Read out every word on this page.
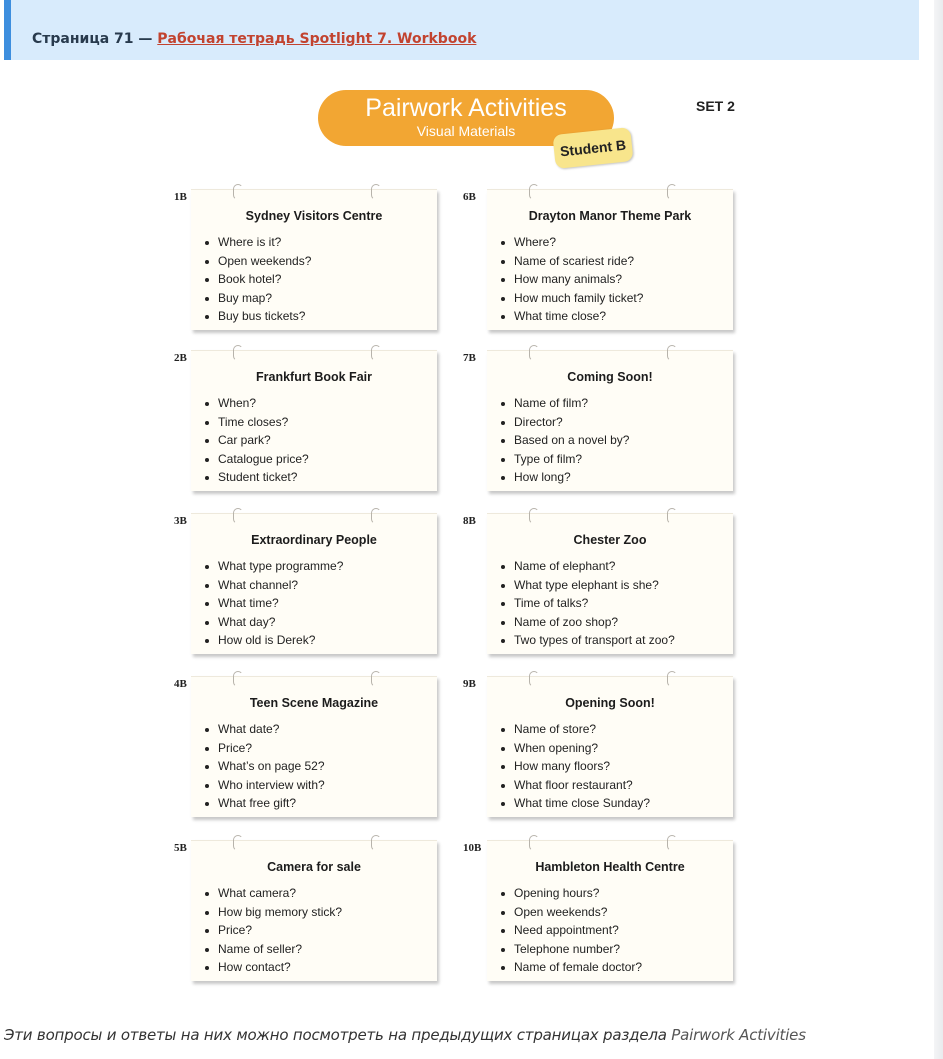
Страница 71 — Рабочая тетрадь Spotlight 7. Workbook
Pairwork Activities
Visual Materials
Student B
SET 2
1B
Sydney Visitors Centre
Where is it?
Open weekends?
Book hotel?
Buy map?
Buy bus tickets?
6B
Drayton Manor Theme Park
Where?
Name of scariest ride?
How many animals?
How much family ticket?
What time close?
2B
Frankfurt Book Fair
When?
Time closes?
Car park?
Catalogue price?
Student ticket?
7B
Coming Soon!
Name of film?
Director?
Based on a novel by?
Type of film?
How long?
3B
Extraordinary People
What type programme?
What channel?
What time?
What day?
How old is Derek?
8B
Chester Zoo
Name of elephant?
What type elephant is she?
Time of talks?
Name of zoo shop?
Two types of transport at zoo?
4B
Teen Scene Magazine
What date?
Price?
What’s on page 52?
Who interview with?
What free gift?
9B
Opening Soon!
Name of store?
When opening?
How many floors?
What floor restaurant?
What time close Sunday?
5B
Camera for sale
What camera?
How big memory stick?
Price?
Name of seller?
How contact?
10B
Hambleton Health Centre
Opening hours?
Open weekends?
Need appointment?
Telephone number?
Name of female doctor?
Эти вопросы и ответы на них можно посмотреть на предыдущих страницах раздела Pairwork Activities
